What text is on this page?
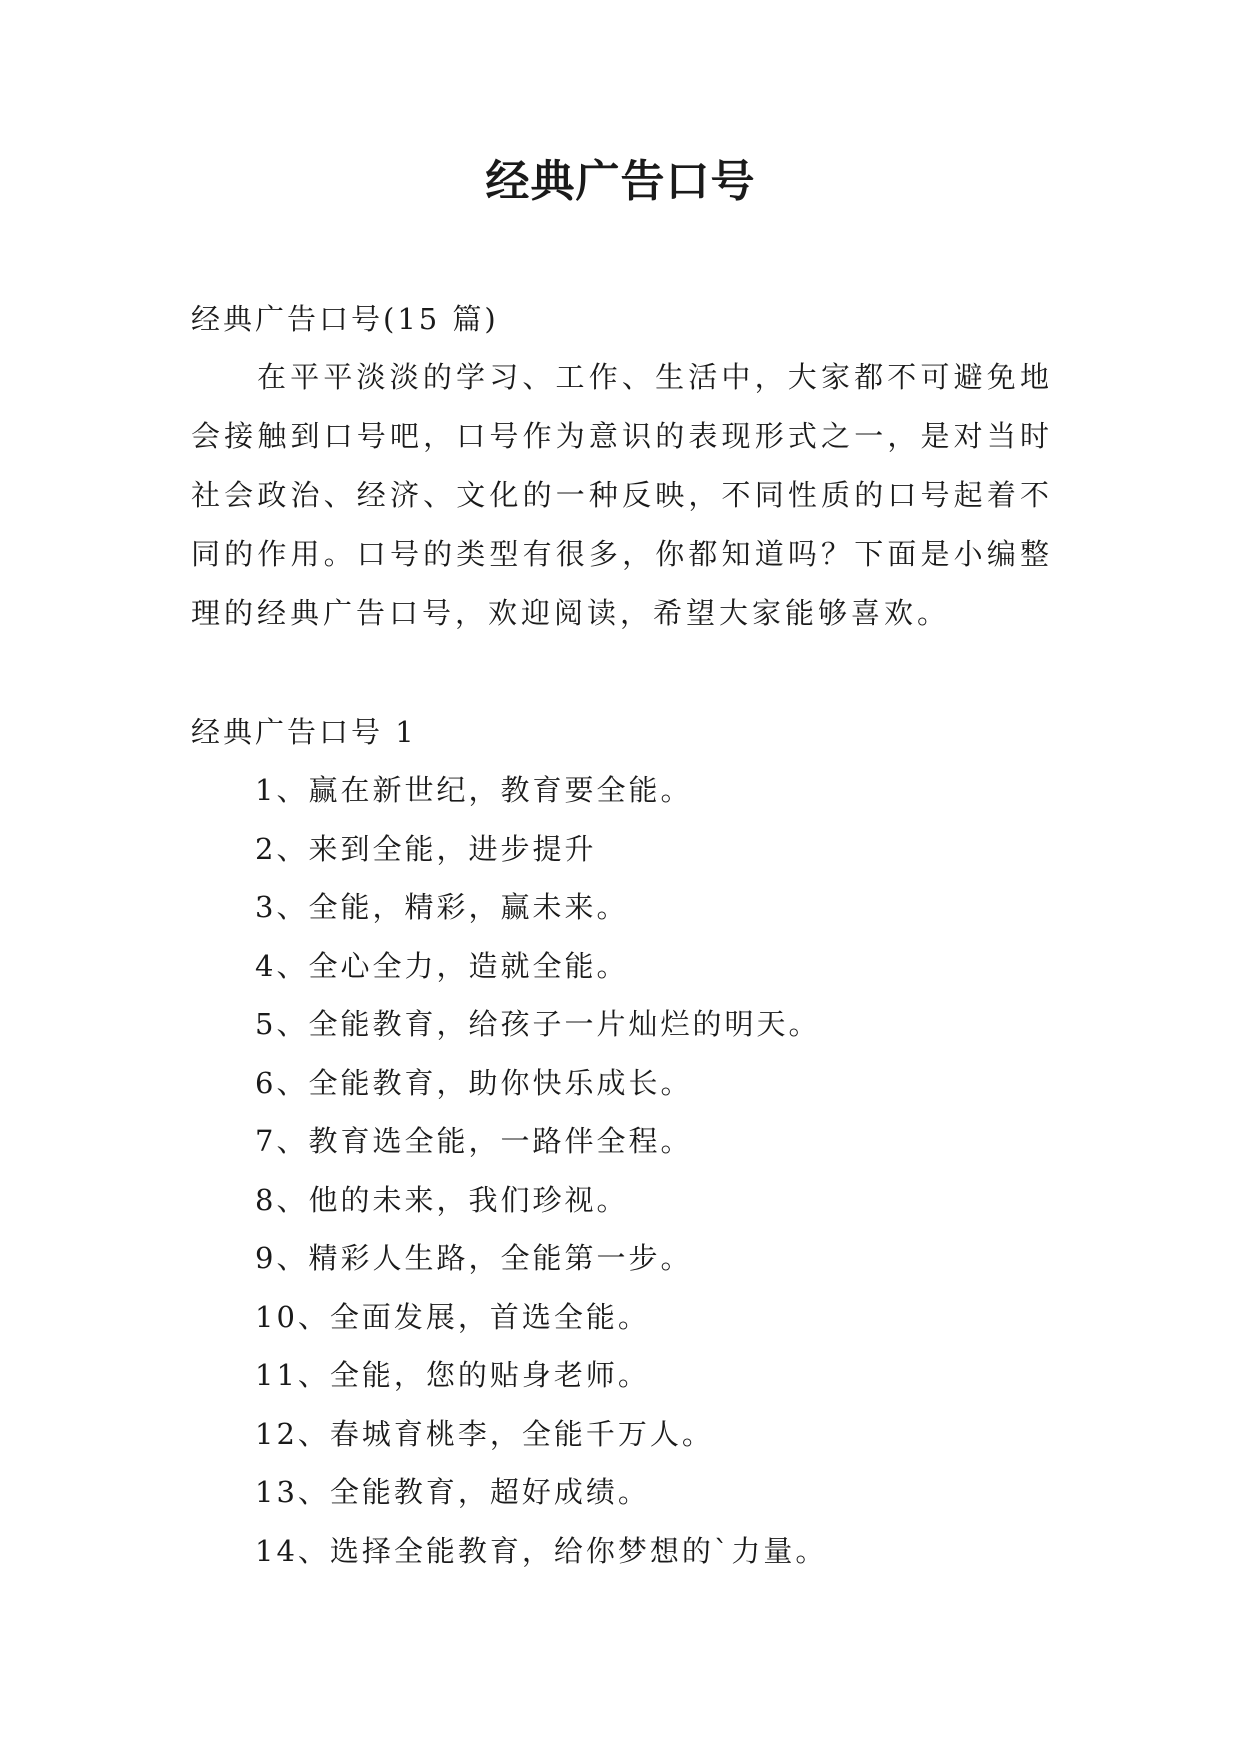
经典广告口号

经典广告口号(15 篇)

在平平淡淡的学习、工作、生活中，大家都不可避免地会接触到口号吧，口号作为意识的表现形式之一，是对当时社会政治、经济、文化的一种反映，不同性质的口号起着不同的作用。口号的类型有很多，你都知道吗？下面是小编整理的经典广告口号，欢迎阅读，希望大家能够喜欢。

经典广告口号 1

1、赢在新世纪，教育要全能。
2、来到全能，进步提升
3、全能，精彩，赢未来。
4、全心全力，造就全能。
5、全能教育，给孩子一片灿烂的明天。
6、全能教育，助你快乐成长。
7、教育选全能，一路伴全程。
8、他的未来，我们珍视。
9、精彩人生路，全能第一步。
10、全面发展，首选全能。
11、全能，您的贴身老师。
12、春城育桃李，全能千万人。
13、全能教育，超好成绩。
14、选择全能教育，给你梦想的`力量。
